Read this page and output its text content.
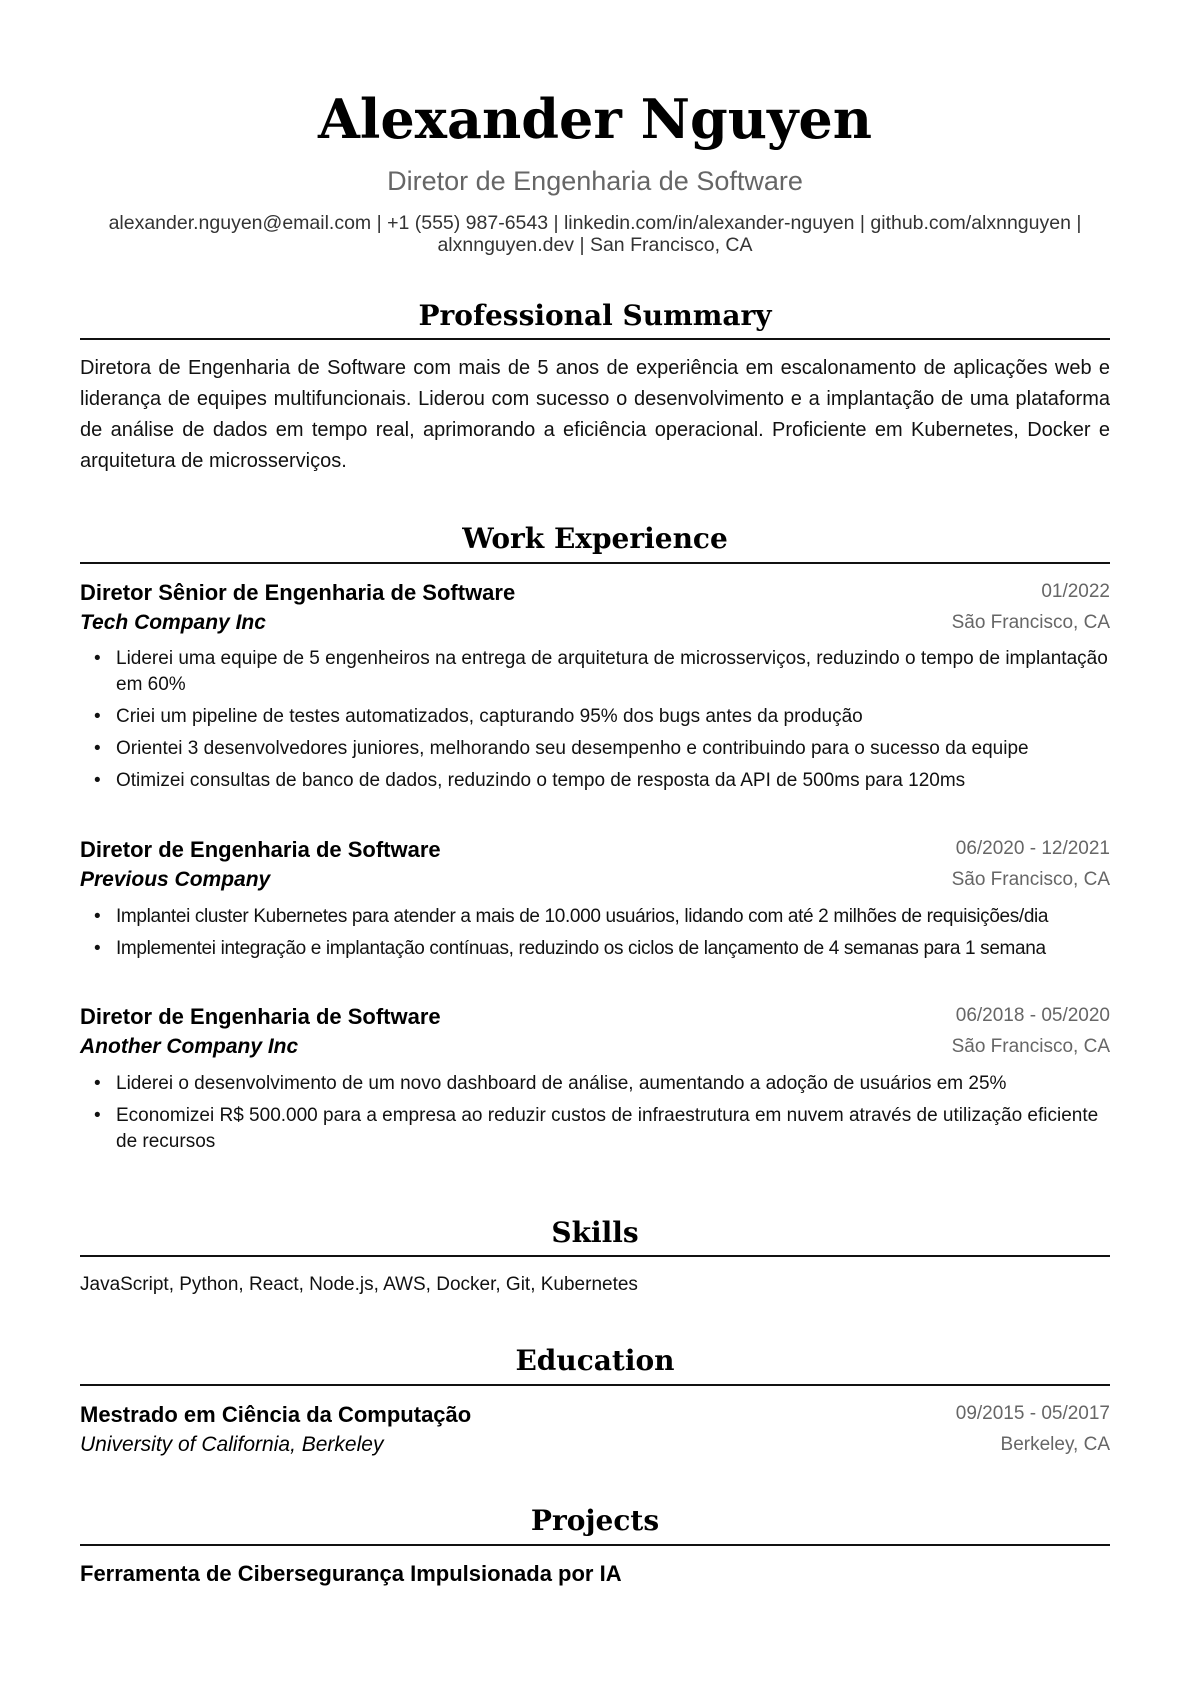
Alexander Nguyen
Diretor de Engenharia de Software
alexander.nguyen@email.com | +1 (555) 987-6543 | linkedin.com/in/alexander-nguyen | github.com/alxnnguyen |
alxnnguyen.dev | San Francisco, CA
Professional Summary
Diretora de Engenharia de Software com mais de 5 anos de experiência em escalonamento de aplicações web e liderança de equipes multifuncionais. Liderou com sucesso o desenvolvimento e a implantação de uma plataforma de análise de dados em tempo real, aprimorando a eficiência operacional. Proficiente em Kubernetes, Docker e arquitetura de microsserviços.
Work Experience
Diretor Sênior de Engenharia de Software	01/2022
Tech Company Inc	São Francisco, CA
• Liderei uma equipe de 5 engenheiros na entrega de arquitetura de microsserviços, reduzindo o tempo de implantação em 60%
• Criei um pipeline de testes automatizados, capturando 95% dos bugs antes da produção
• Orientei 3 desenvolvedores juniores, melhorando seu desempenho e contribuindo para o sucesso da equipe
• Otimizei consultas de banco de dados, reduzindo o tempo de resposta da API de 500ms para 120ms
Diretor de Engenharia de Software	06/2020 - 12/2021
Previous Company	São Francisco, CA
• Implantei cluster Kubernetes para atender a mais de 10.000 usuários, lidando com até 2 milhões de requisições/dia
• Implementei integração e implantação contínuas, reduzindo os ciclos de lançamento de 4 semanas para 1 semana
Diretor de Engenharia de Software	06/2018 - 05/2020
Another Company Inc	São Francisco, CA
• Liderei o desenvolvimento de um novo dashboard de análise, aumentando a adoção de usuários em 25%
• Economizei R$ 500.000 para a empresa ao reduzir custos de infraestrutura em nuvem através de utilização eficiente de recursos
Skills
JavaScript, Python, React, Node.js, AWS, Docker, Git, Kubernetes
Education
Mestrado em Ciência da Computação	09/2015 - 05/2017
University of California, Berkeley	Berkeley, CA
Projects
Ferramenta de Cibersegurança Impulsionada por IA
